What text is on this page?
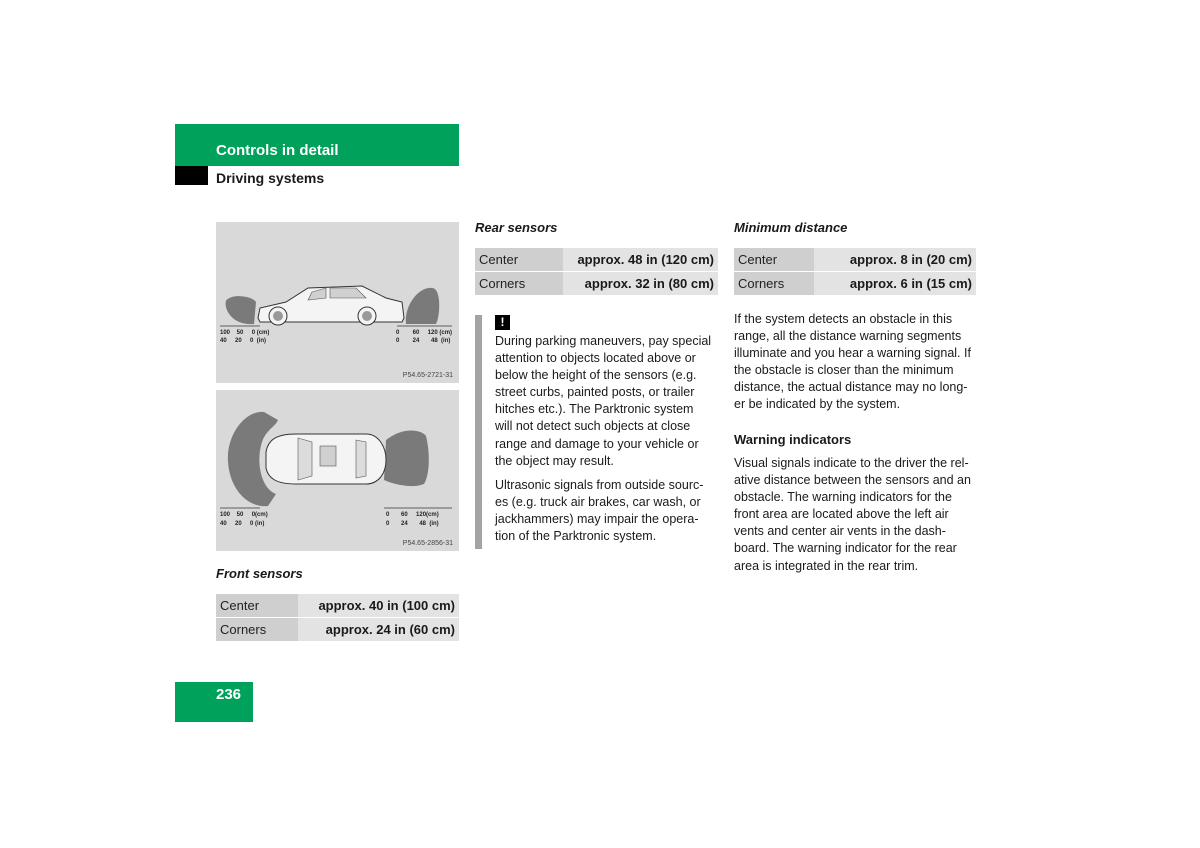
Controls in detail
Driving systems
100    50     0 (cm)
40     20     0  (in)
0        60     120 (cm)
0        24       48  (in)
P54.65-2721-31
100    50     0(cm)
40     20     0 (in)
0       60     120(cm)
0       24       48  (in)
P54.65-2856-31
Front sensors
Center	approx. 40 in (100 cm)
Corners	approx. 24 in (60 cm)
Rear sensors
Center	approx. 48 in (120 cm)
Corners	approx. 32 in (80 cm)
!

During parking maneuvers, pay special
attention to objects located above or
below the height of the sensors (e.g.
street curbs, painted posts, or trailer
hitches etc.). The Parktronic system
will not detect such objects at close
range and damage to your vehicle or
the object may result.

Ultrasonic signals from outside sourc-
es (e.g. truck air brakes, car wash, or
jackhammers) may impair the opera-
tion of the Parktronic system.

Minimum distance
Center	approx. 8 in (20 cm)
Corners	approx. 6 in (15 cm)

If the system detects an obstacle in this
range, all the distance warning segments
illuminate and you hear a warning signal. If
the obstacle is closer than the minimum
distance, the actual distance may no long-
er be indicated by the system.

Warning indicators

Visual signals indicate to the driver the rel-
ative distance between the sensors and an
obstacle. The warning indicators for the
front area are located above the left air
vents and center air vents in the dash-
board. The warning indicator for the rear
area is integrated in the rear trim.

236
